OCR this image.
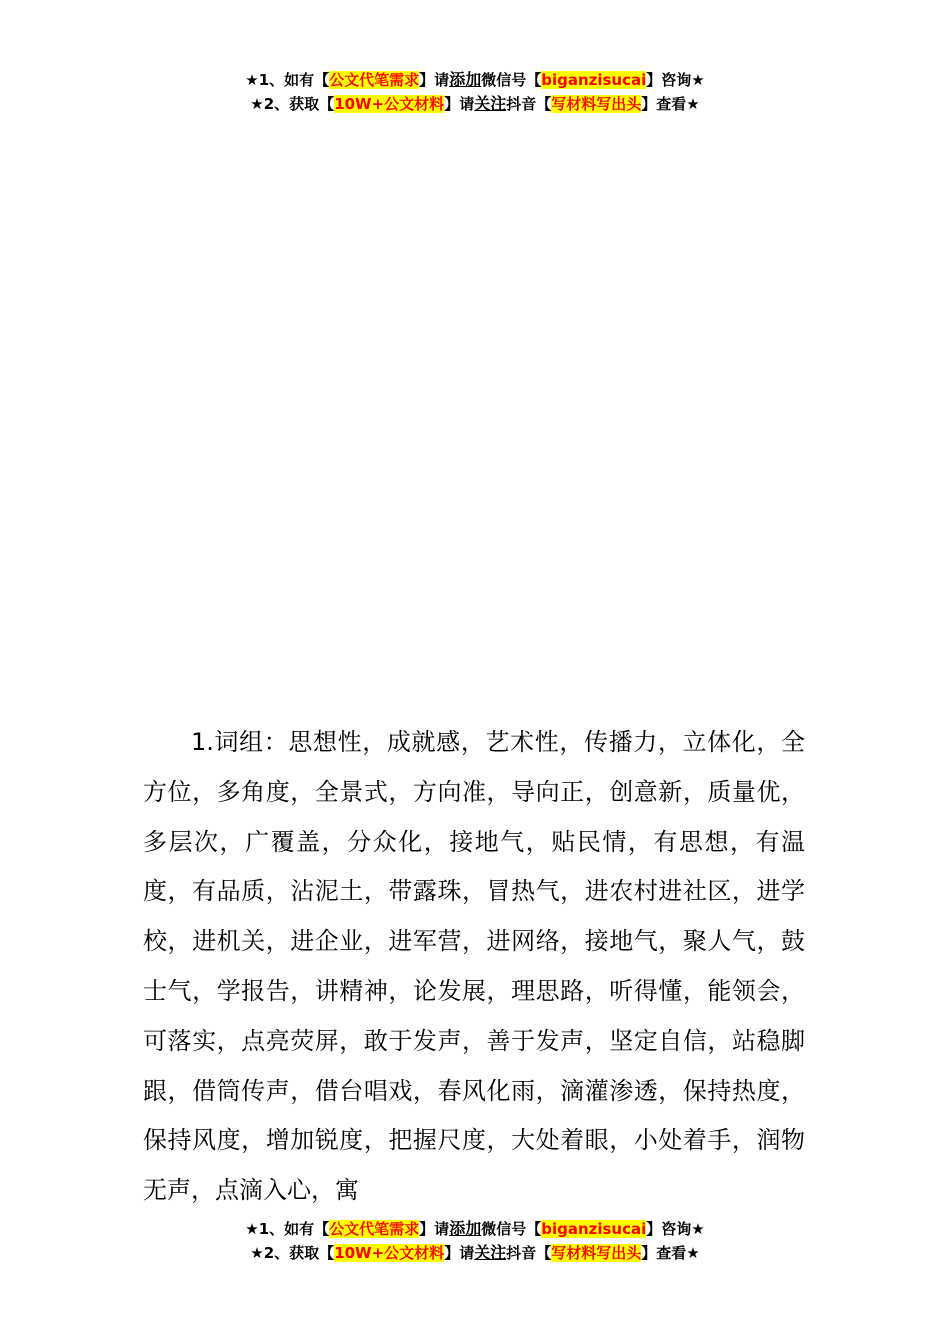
★1、如有【公文代笔需求】请添加微信号【biganzisucai】咨询★
★2、获取【10W+公文材料】请关注抖音【写材料写出头】查看★

1.词组：思想性，成就感，艺术性，传播力，立体化，全方位，多角度，全景式，方向准，导向正，创意新，质量优，多层次，广覆盖，分众化，接地气，贴民情，有思想，有温度，有品质，沾泥土，带露珠，冒热气，进农村进社区，进学校，进机关，进企业，进军营，进网络，接地气，聚人气，鼓士气，学报告，讲精神，论发展，理思路，听得懂，能领会，可落实，点亮荧屏，敢于发声，善于发声，坚定自信，站稳脚跟，借筒传声，借台唱戏，春风化雨，滴灌渗透，保持热度，保持风度，增加锐度，把握尺度，大处着眼，小处着手，润物无声，点滴入心，寓

★1、如有【公文代笔需求】请添加微信号【biganzisucai】咨询★
★2、获取【10W+公文材料】请关注抖音【写材料写出头】查看★
